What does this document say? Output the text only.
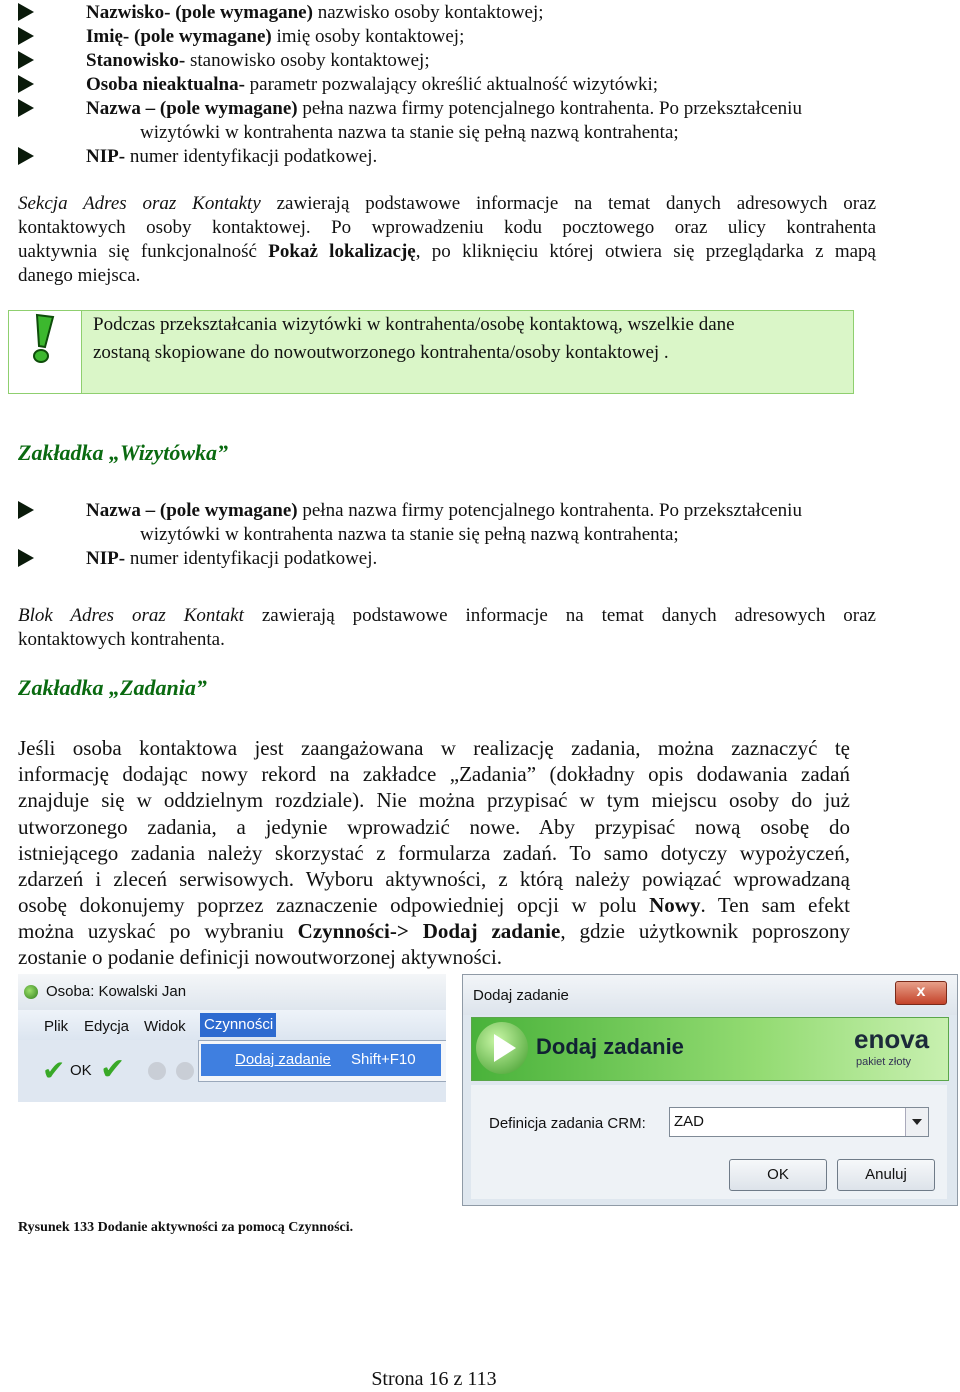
Nazwisko- (pole wymagane) nazwisko osoby kontaktowej;
Imię- (pole wymagane) imię osoby kontaktowej;
Stanowisko- stanowisko osoby kontaktowej;
Osoba nieaktualna- parametr pozwalający określić aktualność wizytówki;
Nazwa – (pole wymagane) pełna nazwa firmy potencjalnego kontrahenta. Po przekształceniu
wizytówki w kontrahenta nazwa ta stanie się pełną nazwą kontrahenta;
NIP- numer identyfikacji podatkowej.
Sekcja Adres oraz Kontakty zawierają podstawowe informacje na temat danych adresowych oraz
kontaktowych osoby kontaktowej. Po wprowadzeniu kodu pocztowego oraz ulicy kontrahenta
uaktywnia się funkcjonalność Pokaż lokalizację, po kliknięciu której otwiera się przeglądarka z mapą
danego miejsca.
Podczas przekształcania wizytówki w kontrahenta/osobę kontaktową, wszelkie dane
zostaną skopiowane do nowoutworzonego kontrahenta/osoby kontaktowej .
Zakładka „Wizytówka”
Nazwa – (pole wymagane) pełna nazwa firmy potencjalnego kontrahenta. Po przekształceniu
wizytówki w kontrahenta nazwa ta stanie się pełną nazwą kontrahenta;
NIP- numer identyfikacji podatkowej.
Blok Adres oraz Kontakt zawierają podstawowe informacje na temat danych adresowych oraz
kontaktowych kontrahenta.
Zakładka „Zadania”
Jeśli osoba kontaktowa jest zaangażowana w realizację zadania, można zaznaczyć tę
informację dodając nowy rekord na zakładce „Zadania” (dokładny opis dodawania zadań
znajduje się w oddzielnym rozdziale). Nie można przypisać w tym miejscu osoby do już
utworzonego zadania, a jedynie wprowadzić nowe. Aby przypisać nową osobę do
istniejącego zadania należy skorzystać z formularza zadań. To samo dotyczy wypożyczeń,
zdarzeń i zleceń serwisowych. Wyboru aktywności, z którą należy powiązać wprowadzaną
osobę dokonujemy poprzez zaznaczenie odpowiedniej opcji w polu Nowy. Ten sam efekt
można uzyskać po wybraniu Czynności-> Dodaj zadanie, gdzie użytkownik poproszony
zostanie o podanie definicji nowoutworzonej aktywności.
Osoba: Kowalski Jan
Plik Edycja Widok Czynności
✔ OK ✔	Dodaj zadanie Shift+F10
Dodaj zadanie	x
Dodaj zadanie	enova
pakiet złoty
Definicja zadania CRM: ZAD
OK	Anuluj
Rysunek 133 Dodanie aktywności za pomocą Czynności.
Strona 16 z 113
